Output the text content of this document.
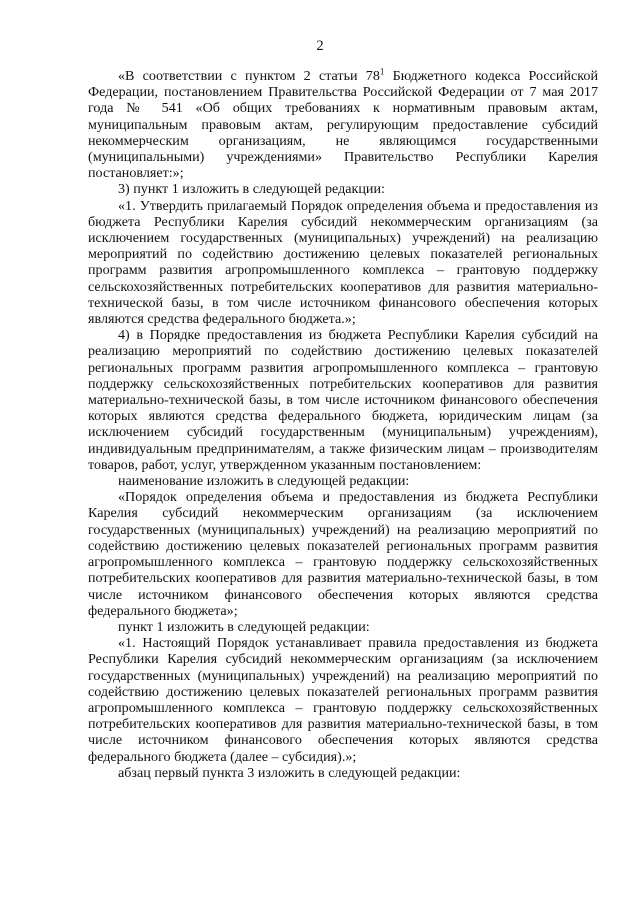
2

«В соответствии с пунктом 2 статьи $78^1$ Бюджетного кодекса Российской Федерации, постановлением Правительства Российской Федерации от 7 мая 2017 года № 541 «Об общих требованиях к нормативным правовым актам, муниципальным правовым актам, регулирующим предоставление субсидий некоммерческим организациям, не являющимся государственными (муниципальными) учреждениями» Правительство Республики Карелия постановляет:»;

3) пункт 1 изложить в следующей редакции:

«1. Утвердить прилагаемый Порядок определения объема и предоставления из бюджета Республики Карелия субсидий некоммерческим организациям (за исключением государственных (муниципальных) учреждений) на реализацию мероприятий по содействию достижению целевых показателей региональных программ развития агропромышленного комплекса – грантовую поддержку сельскохозяйственных потребительских кооперативов для развития материально-технической базы, в том числе источником финансового обеспечения которых являются средства федерального бюджета.»;

4) в Порядке предоставления из бюджета Республики Карелия субсидий на реализацию мероприятий по содействию достижению целевых показателей региональных программ развития агропромышленного комплекса – грантовую поддержку сельскохозяйственных потребительских кооперативов для развития материально-технической базы, в том числе источником финансового обеспечения которых являются средства федерального бюджета, юридическим лицам (за исключением субсидий государственным (муниципальным) учреждениям), индивидуальным предпринимателям, а также физическим лицам – производителям товаров, работ, услуг, утвержденном указанным постановлением:

наименование изложить в следующей редакции:

«Порядок определения объема и предоставления из бюджета Республики Карелия субсидий некоммерческим организациям (за исключением государственных (муниципальных) учреждений) на реализацию мероприятий по содействию достижению целевых показателей региональных программ развития агропромышленного комплекса – грантовую поддержку сельскохозяйственных потребительских кооперативов для развития материально-технической базы, в том числе источником финансового обеспечения которых являются средства федерального бюджета»;

пункт 1 изложить в следующей редакции:

«1. Настоящий Порядок устанавливает правила предоставления из бюджета Республики Карелия субсидий некоммерческим организациям (за исключением государственных (муниципальных) учреждений) на реализацию мероприятий по содействию достижению целевых показателей региональных программ развития агропромышленного комплекса – грантовую поддержку сельскохозяйственных потребительских кооперативов для развития материально-технической базы, в том числе источником финансового обеспечения которых являются средства федерального бюджета (далее – субсидия).»;

абзац первый пункта 3 изложить в следующей редакции:
